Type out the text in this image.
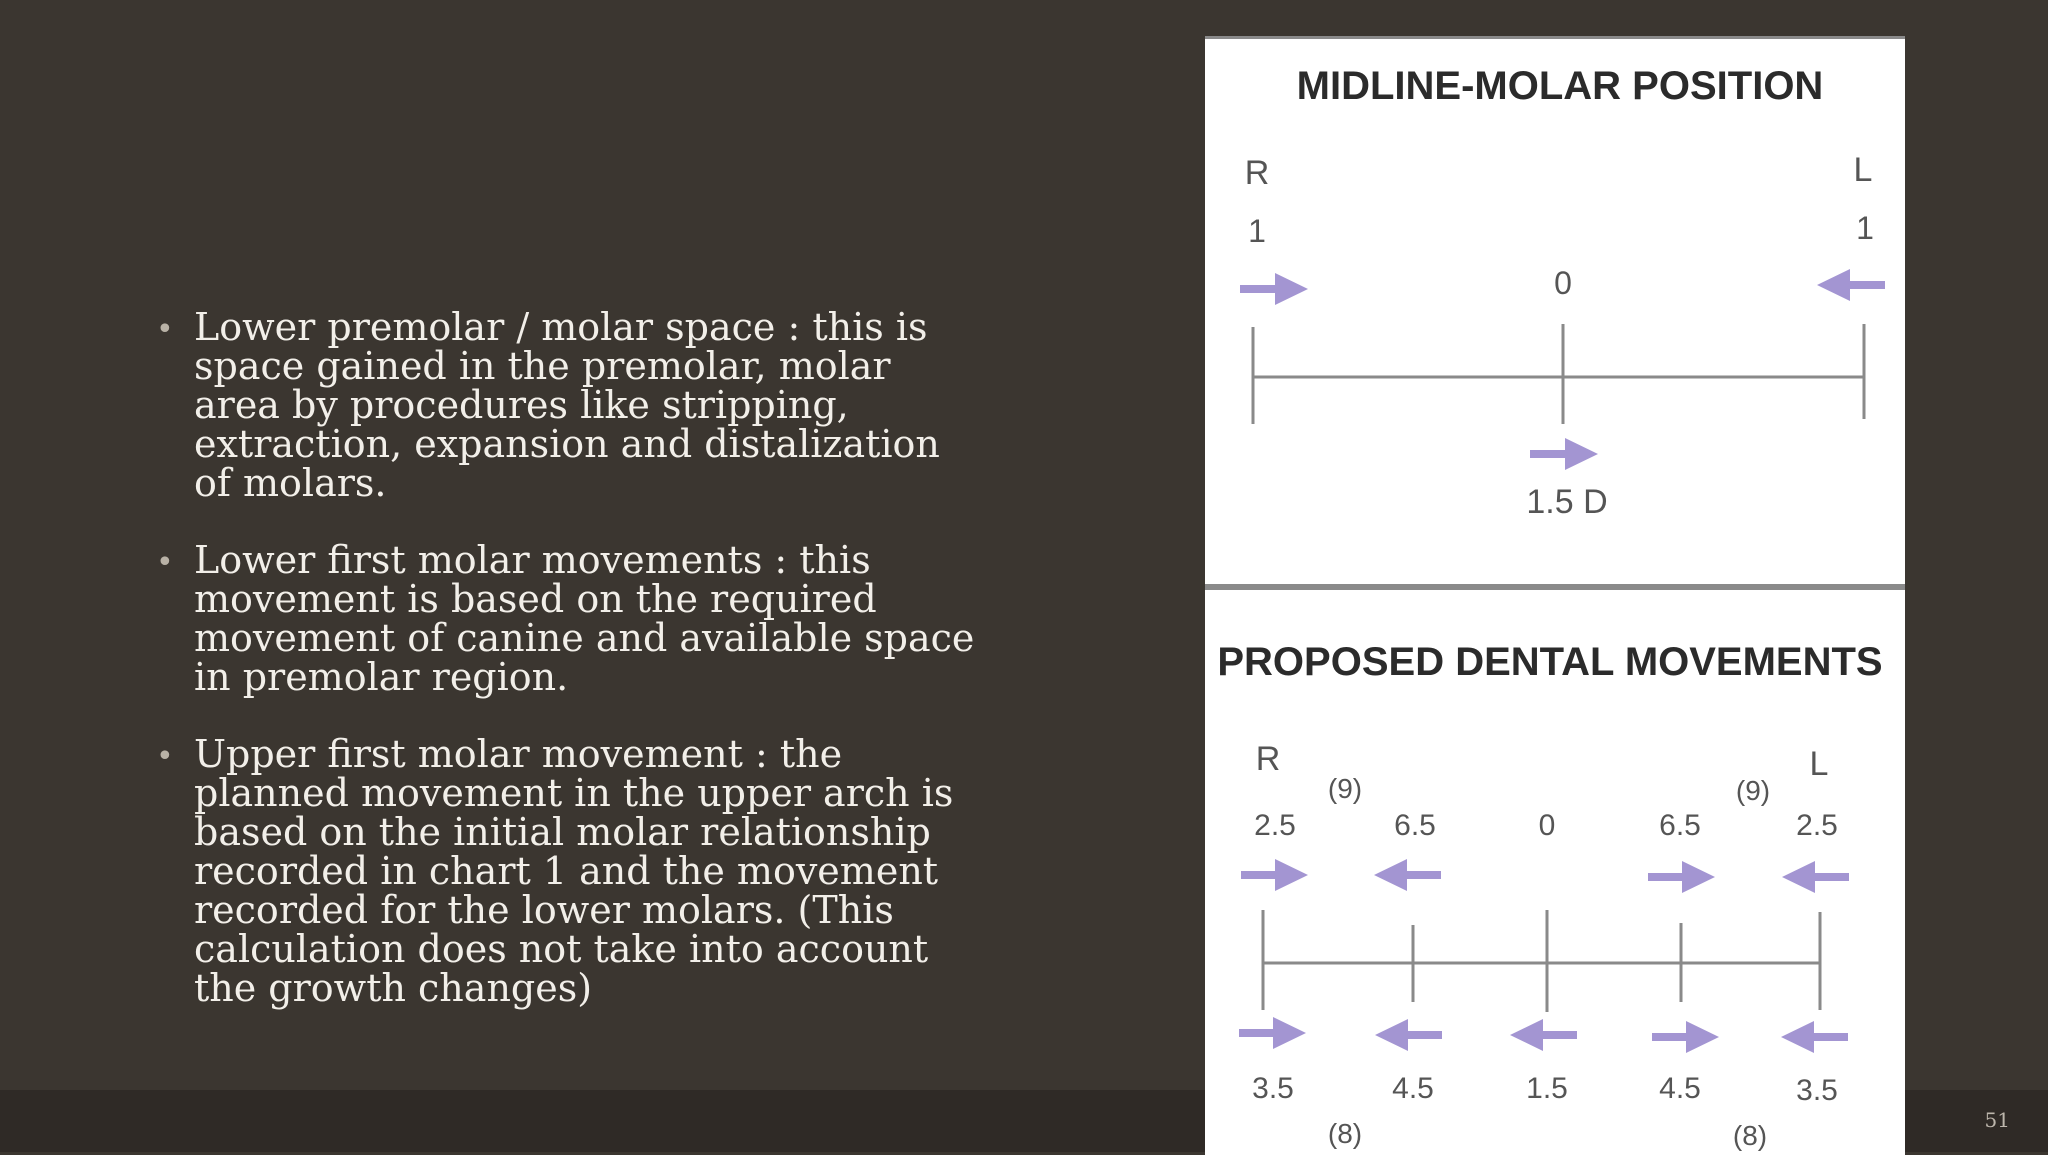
51
• Lower premolar / molar space : this is space gained in the premolar, molar area by procedures like stripping, extraction, expansion and distalization of molars.
• Lower first molar movements : this movement is based on the required movement of canine and available space in premolar region.
• Upper first molar movement : the planned movement in the upper arch is based on the initial molar relationship recorded in chart 1 and the movement recorded for the lower molars. (This calculation does not take into account the growth changes)
MIDLINE-MOLAR POSITION
R	L
1	1
0
1.5 D
PROPOSED DENTAL MOVEMENTS
R	L
(9)	(9)
2.5	6.5	0	6.5	2.5
3.5	4.5	1.5	4.5	3.5
(8)	(8)
